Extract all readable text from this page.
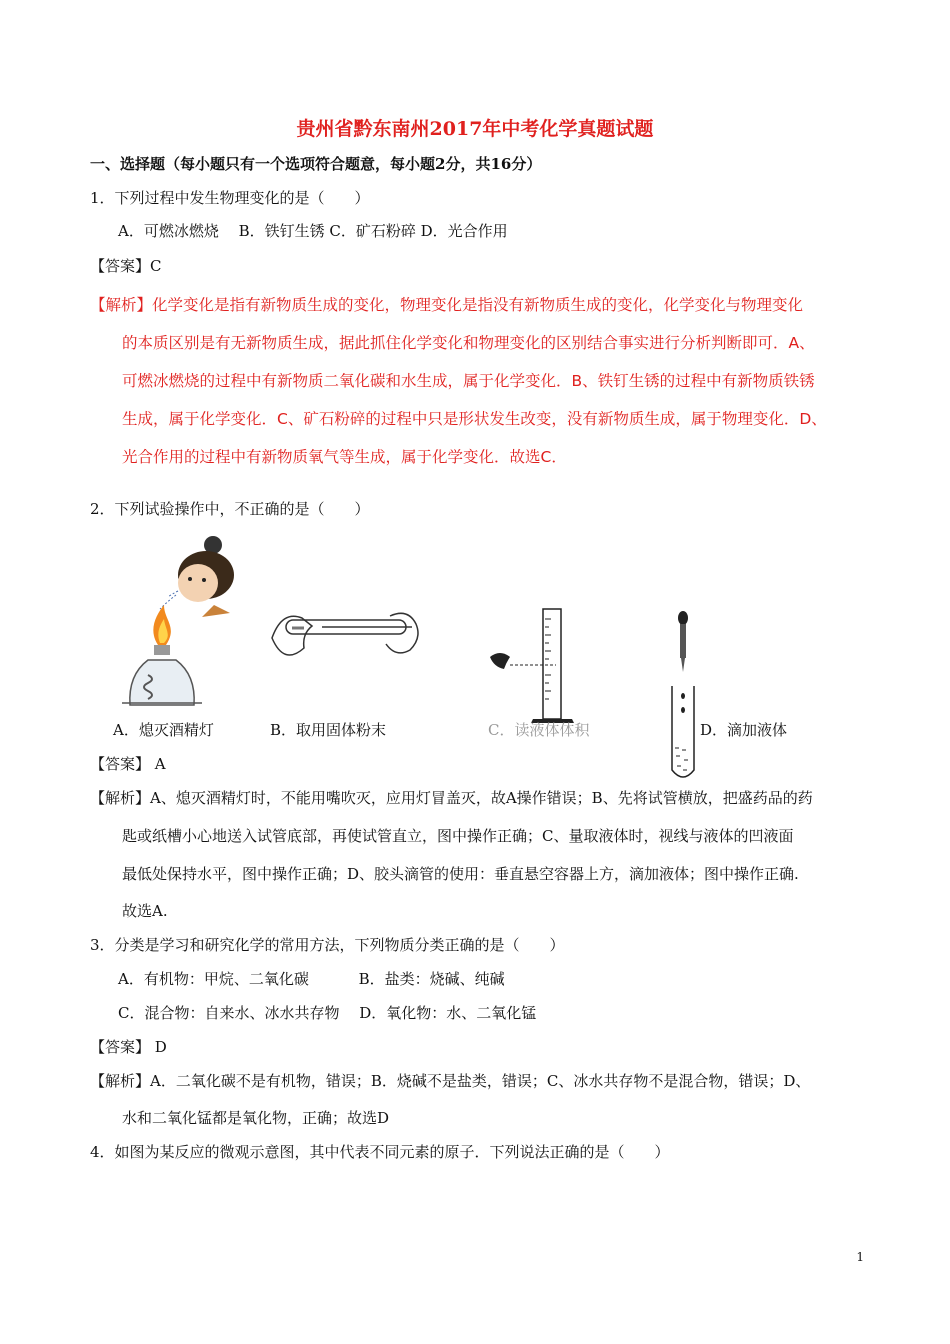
贵州省黔东南州2017年中考化学真题试题
一、选择题（每小题只有一个选项符合题意，每小题2分，共16分）
1．下列过程中发生物理变化的是（　　）
A．可燃冰燃烧　 B．铁钉生锈 C．矿石粉碎 D．光合作用
【答案】C
【解析】化学变化是指有新物质生成的变化，物理变化是指没有新物质生成的变化，化学变化与物理变化
的本质区别是有无新物质生成，据此抓住化学变化和物理变化的区别结合事实进行分析判断即可．A、
可燃冰燃烧的过程中有新物质二氧化碳和水生成，属于化学变化．B、铁钉生锈的过程中有新物质铁锈
生成，属于化学变化．C、矿石粉碎的过程中只是形状发生改变，没有新物质生成，属于物理变化．D、
光合作用的过程中有新物质氧气等生成，属于化学变化．故选C．
2．下列试验操作中，不正确的是（　　）
A．熄灭酒精灯	B．取用固体粉末	C．读液体体积	D．滴加液体
【答案】 A
【解析】A、熄灭酒精灯时，不能用嘴吹灭，应用灯冒盖灭，故A操作错误；B、先将试管横放，把盛药品的药
匙或纸槽小心地送入试管底部，再使试管直立，图中操作正确；C、量取液体时，视线与液体的凹液面
最低处保持水平，图中操作正确；D、胶头滴管的使用：垂直悬空容器上方，滴加液体；图中操作正确.
故选A.
3．分类是学习和研究化学的常用方法，下列物质分类正确的是（　　）
A．有机物：甲烷、二氧化碳　　　 B．盐类：烧碱、纯碱
C．混合物：自来水、冰水共存物　 D．氧化物：水、二氧化锰
【答案】 D
【解析】A．二氧化碳不是有机物，错误；B．烧碱不是盐类，错误；C、冰水共存物不是混合物，错误；D、
水和二氧化锰都是氧化物，正确；故选D
4．如图为某反应的微观示意图，其中代表不同元素的原子．下列说法正确的是（　　）
1
